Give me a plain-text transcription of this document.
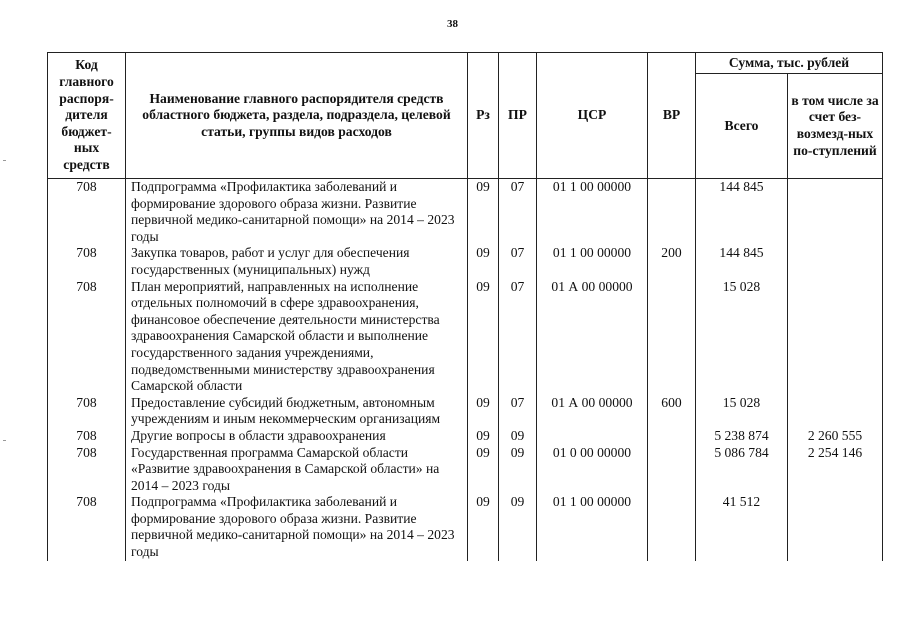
38
Код главного распоря-дителя бюджет-ных средств	Наименование главного распорядителя средств областного бюджета, раздела, подраздела, целевой статьи, группы видов расходов	Рз	ПР	ЦСР	ВР	Сумма, тыс. рублей	
						Всего	в том числе за счет без-возмезд-ных по-ступлений
708	Подпрограмма «Профилактика заболеваний и формирование здорового образа жизни. Развитие первичной медико-санитарной помощи» на 2014 – 2023 годы	09	07	01 1 00 00000		144 845	
708	Закупка товаров, работ и услуг для обеспечения государственных (муниципальных) нужд	09	07	01 1 00 00000	200	144 845	
708	План мероприятий, направленных на исполнение отдельных полномочий в сфере здравоохранения, финансовое обеспечение деятельности министерства здравоохранения Самарской области и выполнение государственного задания учреждениями, подведомственными министерству здравоохранения Самарской области	09	07	01 А 00 00000		15 028	
708	Предоставление субсидий бюджетным, автономным учреждениям и иным некоммерческим организациям	09	07	01 А 00 00000	600	15 028	
708	Другие вопросы в области здравоохранения	09	09			5 238 874	2 260 555
708	Государственная программа Самарской области «Развитие здравоохранения в Самарской области» на 2014 – 2023 годы	09	09	01 0 00 00000		5 086 784	2 254 146
708	Подпрограмма «Профилактика заболеваний и формирование здорового образа жизни. Развитие первичной медико-санитарной помощи» на 2014 – 2023 годы	09	09	01 1 00 00000		41 512	
